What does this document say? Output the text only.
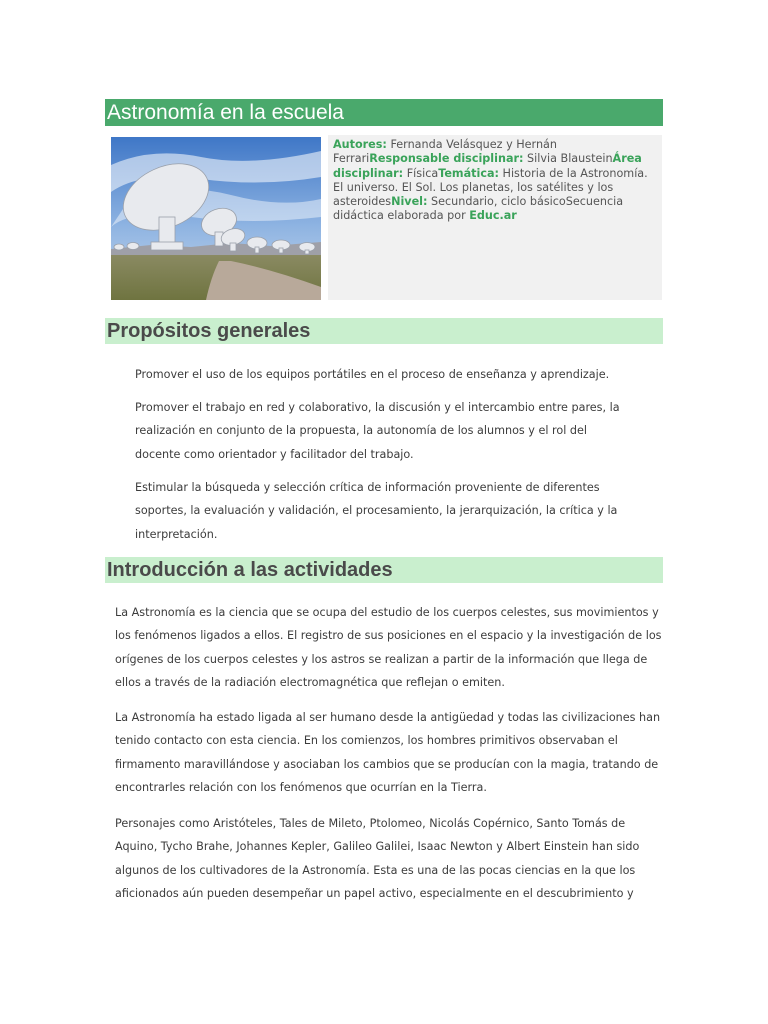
Astronomía en la escuela
Autores: Fernanda Velásquez y Hernán FerrariResponsable disciplinar: Silvia BlausteinÁrea disciplinar: FísicaTemática: Historia de la Astronomía. El universo. El Sol. Los planetas, los satélites y los asteroidesNivel: Secundario, ciclo básicoSecuencia didáctica elaborada por Educ.ar
Propósitos generales

Promover el uso de los equipos portátiles en el proceso de enseñanza y aprendizaje.

Promover el trabajo en red y colaborativo, la discusión y el intercambio entre pares, la realización en conjunto de la propuesta, la autonomía de los alumnos y el rol del docente como orientador y facilitador del trabajo.

Estimular la búsqueda y selección crítica de información proveniente de diferentes soportes, la evaluación y validación, el procesamiento, la jerarquización, la crítica y la interpretación.

Introducción a las actividades

La Astronomía es la ciencia que se ocupa del estudio de los cuerpos celestes, sus movimientos y los fenómenos ligados a ellos. El registro de sus posiciones en el espacio y la investigación de los orígenes de los cuerpos celestes y los astros se realizan a partir de la información que llega de ellos a través de la radiación electromagnética que reflejan o emiten.

La Astronomía ha estado ligada al ser humano desde la antigüedad y todas las civilizaciones han tenido contacto con esta ciencia. En los comienzos, los hombres primitivos observaban el firmamento maravillándose y asociaban los cambios que se producían con la magia, tratando de encontrarles relación con los fenómenos que ocurrían en la Tierra.

Personajes como Aristóteles, Tales de Mileto, Ptolomeo, Nicolás Copérnico, Santo Tomás de Aquino, Tycho Brahe, Johannes Kepler, Galileo Galilei, Isaac Newton y Albert Einstein han sido algunos de los cultivadores de la Astronomía. Esta es una de las pocas ciencias en la que los aficionados aún pueden desempeñar un papel activo, especialmente en el descubrimiento y
